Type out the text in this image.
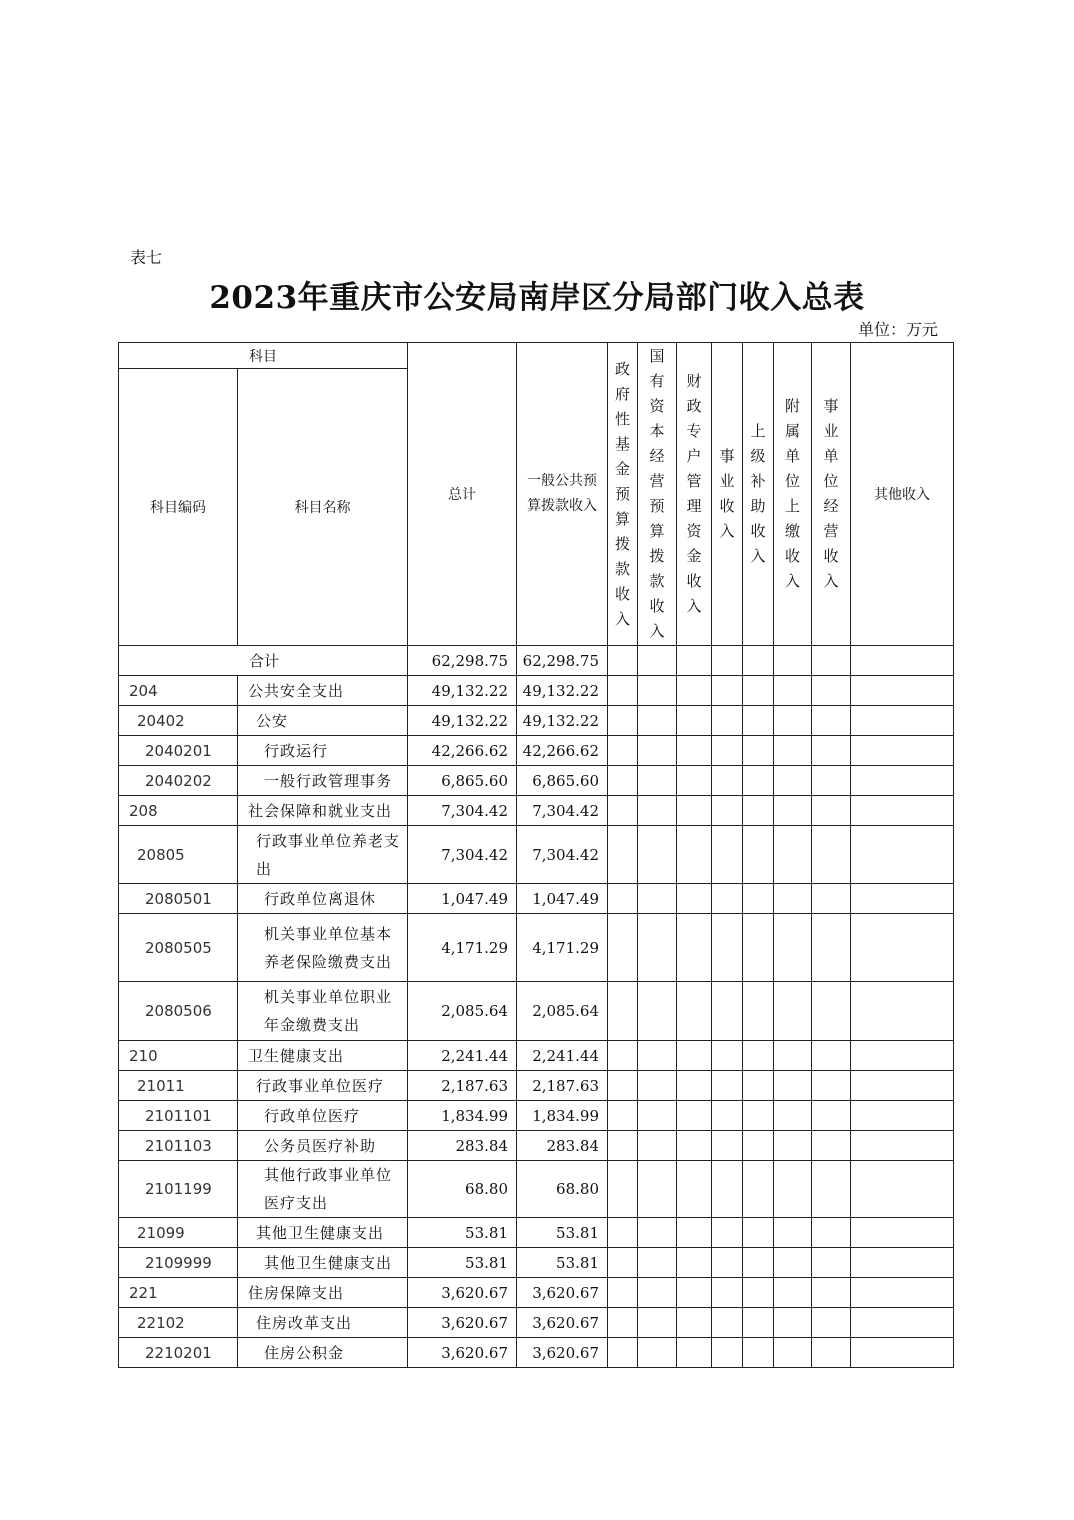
表七
2023年重庆市公安局南岸区分局部门收入总表
单位：万元
科目		总计	一般公共预算拨款收入	政府性基金预算拨款收入	国有资本经营预算拨款收入	财政专户管理资金收入	事业收入	上级补助收入	附属单位上缴收入	事业单位经营收入	其他收入
科目编码	科目名称										
合计		62,298.75	62,298.75								
204	公共安全支出	49,132.22	49,132.22								
20402	公安	49,132.22	49,132.22								
2040201	行政运行	42,266.62	42,266.62								
2040202	一般行政管理事务	6,865.60	6,865.60								
208	社会保障和就业支出	7,304.42	7,304.42								
20805	行政事业单位养老支出	7,304.42	7,304.42								
2080501	行政单位离退休	1,047.49	1,047.49								
2080505	机关事业单位基本养老保险缴费支出	4,171.29	4,171.29								
2080506	机关事业单位职业年金缴费支出	2,085.64	2,085.64								
210	卫生健康支出	2,241.44	2,241.44								
21011	行政事业单位医疗	2,187.63	2,187.63								
2101101	行政单位医疗	1,834.99	1,834.99								
2101103	公务员医疗补助	283.84	283.84								
2101199	其他行政事业单位医疗支出	68.80	68.80								
21099	其他卫生健康支出	53.81	53.81								
2109999	其他卫生健康支出	53.81	53.81								
221	住房保障支出	3,620.67	3,620.67								
22102	住房改革支出	3,620.67	3,620.67								
2210201	住房公积金	3,620.67	3,620.67								
